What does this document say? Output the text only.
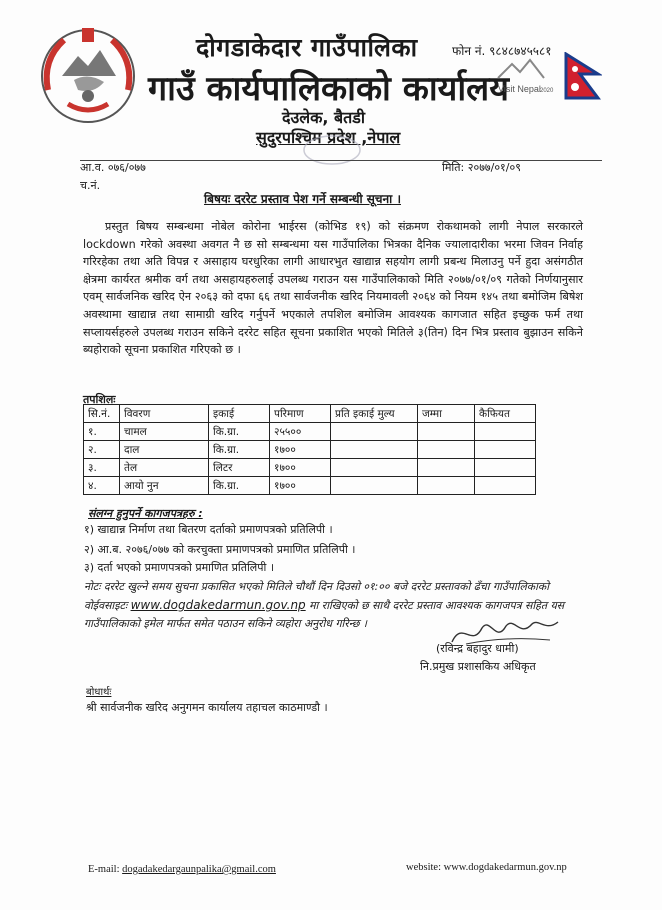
दोगडाकेदार गाउँपालिका	फोन नं. ९८४८७४५५८१
गाउँ कार्यपालिकाको कार्यालय
Visit Nepal 2020
देउलेक, बैतडी
सुदुरपश्चिम प्रदेश ,नेपाल
आ.व. ०७६/०७७
च.नं.
मिति: २०७७/०१/०९
बिषयः दररेट प्रस्ताव पेश गर्ने सम्बन्धी सूचना ।
प्रस्तुत बिषय सम्बन्धमा नोबेल कोरोना भाईरस (कोभिड १९) को संक्रमण रोकथामको लागी नेपाल सरकारले lockdown गरेको अवस्था अवगत नै छ सो सम्बन्धमा यस गाउँपालिका भित्रका दैनिक ज्यालादारीका भरमा जिवन निर्वाह गरिरहेका तथा अति विपन्न र असाहाय घरधुरिका लागी आधारभुत खाद्यान्न सहयोग लागी प्रबन्ध मिलाउनु पर्ने हुदा असंगठीत क्षेत्रमा कार्यरत श्रमीक वर्ग तथा असहायहरुलाई उपलब्ध गराउन यस गाउँपालिकाको मिति २०७७/०१/०९ गतेको निर्णयानुसार एवम् सार्वजनिक खरिद ऐन २०६३ को दफा ६६ तथा सार्वजनीक खरिद नियमावली २०६४ को नियम १४५ तथा बमोजिम बिषेश अवस्थामा खाद्यान्न तथा सामाग्री खरिद गर्नुपर्ने भएकाले तपशिल बमोजिम आवश्यक कागजात सहित इच्छुक फर्म तथा सप्लायर्सहरुले उपलब्ध गराउन सकिने दररेट सहित सूचना प्रकाशित भएको मितिले ३(तिन) दिन भित्र प्रस्ताव बुझाउन सकिने ब्यहोराको सूचना प्रकाशित गरिएको छ ।
तपशिलः
सि.नं.	विवरण	इकाई	परिमाण	प्रति इकाई मुल्य	जम्मा	कैफियत
१.	चामल	कि.ग्रा.	२५५००			
२.	दाल	कि.ग्रा.	१७००			
३.	तेल	लिटर	१७००			
४.	आयो नुन	कि.ग्रा.	१७००			
संलग्न हुनुपर्ने कागजपत्रहरु :
१) खाद्यान्न निर्माण तथा बितरण दर्ताको प्रमाणपत्रको प्रतिलिपी ।
२) आ.ब. २०७६/०७७ को करचुक्ता प्रमाणपत्रको प्रमाणित प्रतिलिपी ।
३) दर्ता भएको प्रमाणपत्रको प्रमाणित प्रतिलिपी ।
नोटः दररेट खुल्ने समय सुचना प्रकासित भएको मितिले चौथौं दिन दिउसो ०१:०० बजे दररेट प्रस्तावको ढँचा गाउँपालिकाको वोईवसाइटः www.dogdakedarmun.gov.np मा राखिएको छ साथै दररेट प्रस्ताव आवश्यक कागजपत्र सहित यस गाउँपालिकाको इमेल मार्फत समेत पठाउन सकिने व्यहोरा अनुरोध गरिन्छ ।
(रविन्द्र बहादुर धामी)
नि.प्रमुख प्रशासकिय अधिकृत
बोधार्थः
श्री सार्वजनीक खरिद अनुगमन कार्यालय तहाचल काठमाण्डौ ।
E-mail: dogadakedargaunpalika@gmail.com	website: www.dogdakedarmun.gov.np
